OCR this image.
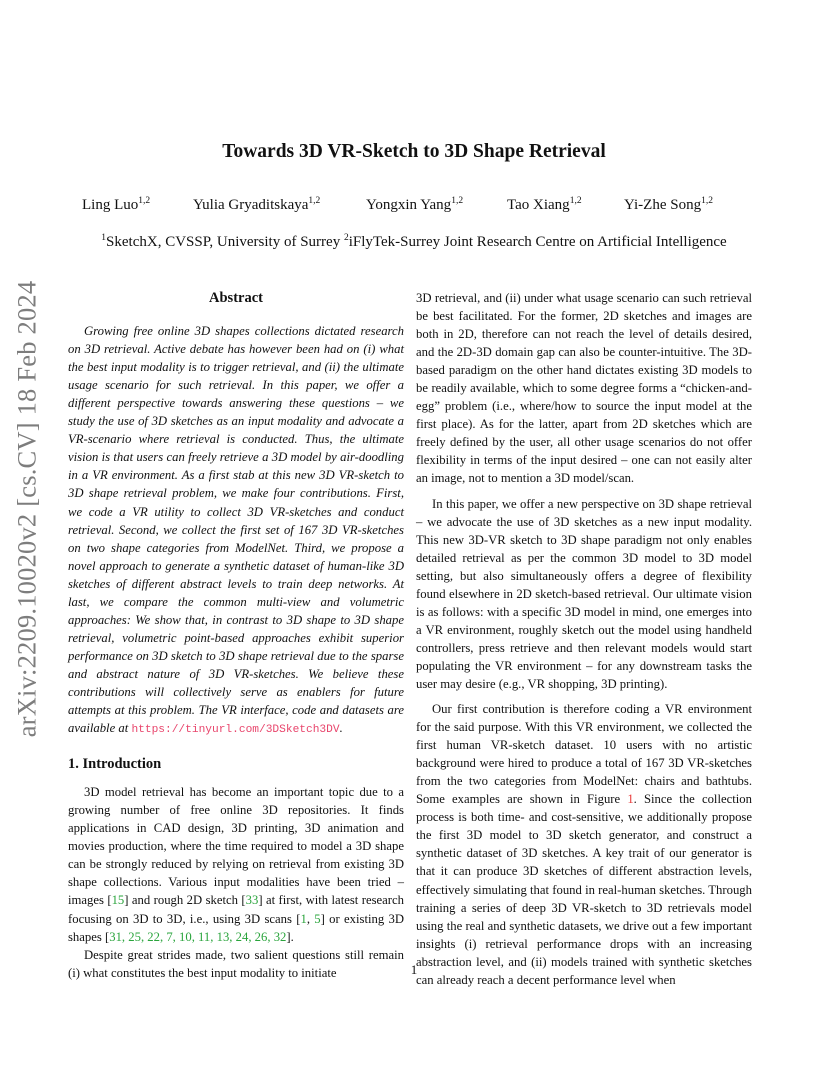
arXiv:2209.10020v2 [cs.CV] 18 Feb 2024
Towards 3D VR-Sketch to 3D Shape Retrieval
Ling Luo$^{1,2}$	Yulia Gryaditskaya$^{1,2}$	Yongxin Yang$^{1,2}$	Tao Xiang$^{1,2}$	Yi-Zhe Song$^{1,2}$
$^1$SketchX, CVSSP, University of Surrey $^2$iFlyTek-Surrey Joint Research Centre on Artificial Intelligence
Abstract

Growing free online 3D shapes collections dictated research on 3D retrieval. Active debate has however been had on (i) what the best input modality is to trigger retrieval, and (ii) the ultimate usage scenario for such retrieval. In this paper, we offer a different perspective towards answering these questions – we study the use of 3D sketches as an input modality and advocate a VR-scenario where retrieval is conducted. Thus, the ultimate vision is that users can freely retrieve a 3D model by air-doodling in a VR environment. As a first stab at this new 3D VR-sketch to 3D shape retrieval problem, we make four contributions. First, we code a VR utility to collect 3D VR-sketches and conduct retrieval. Second, we collect the first set of 167 3D VR-sketches on two shape categories from ModelNet. Third, we propose a novel approach to generate a synthetic dataset of human-like 3D sketches of different abstract levels to train deep networks. At last, we compare the common multi-view and volumetric approaches: We show that, in contrast to 3D shape to 3D shape retrieval, volumetric point-based approaches exhibit superior performance on 3D sketch to 3D shape retrieval due to the sparse and abstract nature of 3D VR-sketches. We believe these contributions will collectively serve as enablers for future attempts at this problem. The VR interface, code and datasets are available at https://tinyurl.com/3DSketch3DV.

1. Introduction

3D model retrieval has become an important topic due to a growing number of free online 3D repositories. It finds applications in CAD design, 3D printing, 3D animation and movies production, where the time required to model a 3D shape can be strongly reduced by relying on retrieval from existing 3D shape collections. Various input modalities have been tried – images [15] and rough 2D sketch [33] at first, with latest research focusing on 3D to 3D, i.e., using 3D scans [1, 5] or existing 3D shapes [31, 25, 22, 7, 10, 11, 13, 24, 26, 32].

Despite great strides made, two salient questions still remain (i) what constitutes the best input modality to initiate

3D retrieval, and (ii) under what usage scenario can such retrieval be best facilitated. For the former, 2D sketches and images are both in 2D, therefore can not reach the level of details desired, and the 2D-3D domain gap can also be counter-intuitive. The 3D-based paradigm on the other hand dictates existing 3D models to be readily available, which to some degree forms a “chicken-and-egg” problem (i.e., where/how to source the input model at the first place). As for the latter, apart from 2D sketches which are freely defined by the user, all other usage scenarios do not offer flexibility in terms of the input desired – one can not easily alter an image, not to mention a 3D model/scan.

In this paper, we offer a new perspective on 3D shape retrieval – we advocate the use of 3D sketches as a new input modality. This new 3D-VR sketch to 3D shape paradigm not only enables detailed retrieval as per the common 3D model to 3D model setting, but also simultaneously offers a degree of flexibility found elsewhere in 2D sketch-based retrieval. Our ultimate vision is as follows: with a specific 3D model in mind, one emerges into a VR environment, roughly sketch out the model using handheld controllers, press retrieve and then relevant models would start populating the VR environment – for any downstream tasks the user may desire (e.g., VR shopping, 3D printing).

Our first contribution is therefore coding a VR environment for the said purpose. With this VR environment, we collected the first human VR-sketch dataset. 10 users with no artistic background were hired to produce a total of 167 3D VR-sketches from the two categories from ModelNet: chairs and bathtubs. Some examples are shown in Figure 1. Since the collection process is both time- and cost-sensitive, we additionally propose the first 3D model to 3D sketch generator, and construct a synthetic dataset of 3D sketches. A key trait of our generator is that it can produce 3D sketches of different abstraction levels, effectively simulating that found in real-human sketches. Through training a series of deep 3D VR-sketch to 3D retrievals model using the real and synthetic datasets, we drive out a few important insights (i) retrieval performance drops with an increasing abstraction level, and (ii) models trained with synthetic sketches can already reach a decent performance level when

1
